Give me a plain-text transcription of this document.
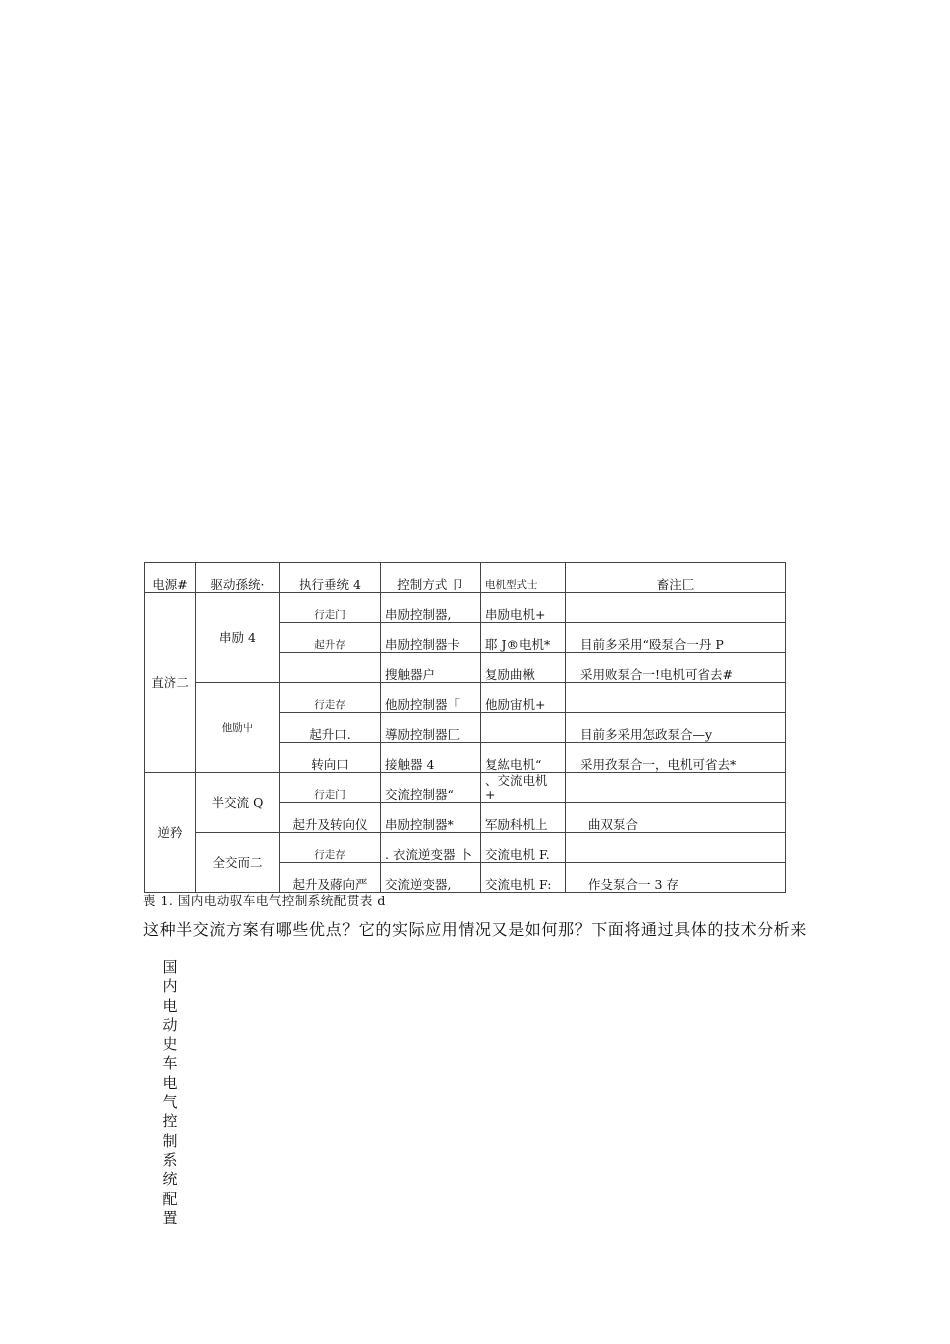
电源#	驱动孫统·	执行垂统 4	控制方式 卩	电机型式士	畜注匚
直济二	串励 4	行走门	串励控制器,	串励电机+	
		起升存	串励控制器卡	耶 J®电机*	目前多采用“殴泵合一丹 P
			搜触器户	复励曲楸	采用败泵合一!电机可省去#
	他励屮	行走存	他励控制器「	他励宙机+	
		起升口.	導励控制器匚		目前多采用怎政泵合—y
		转向口	接触器 4	复紘电机“	采用孜泵合一，电机可省去*
逆矜	半交流 Q	行走门	交流控制器“	、交流电机 +	
		起升及转向仪	串励控制器*	军励科机上	曲双泵合
	全交而二	行走存	. 衣流逆变器 卜	交流电机 F.	
		起升及蔣向严	交流逆变器,	交流电机 F:	作殳泵合一 3 存
喪 1. 国内电动驭车电气控制系统配贯表 d
这种半交流方案有哪些优点？它的实际应用情况又是如何那？下面将通过具体的技术分析来
国
内
电
动
史
车
电
气
控
制
系
统
配
置
